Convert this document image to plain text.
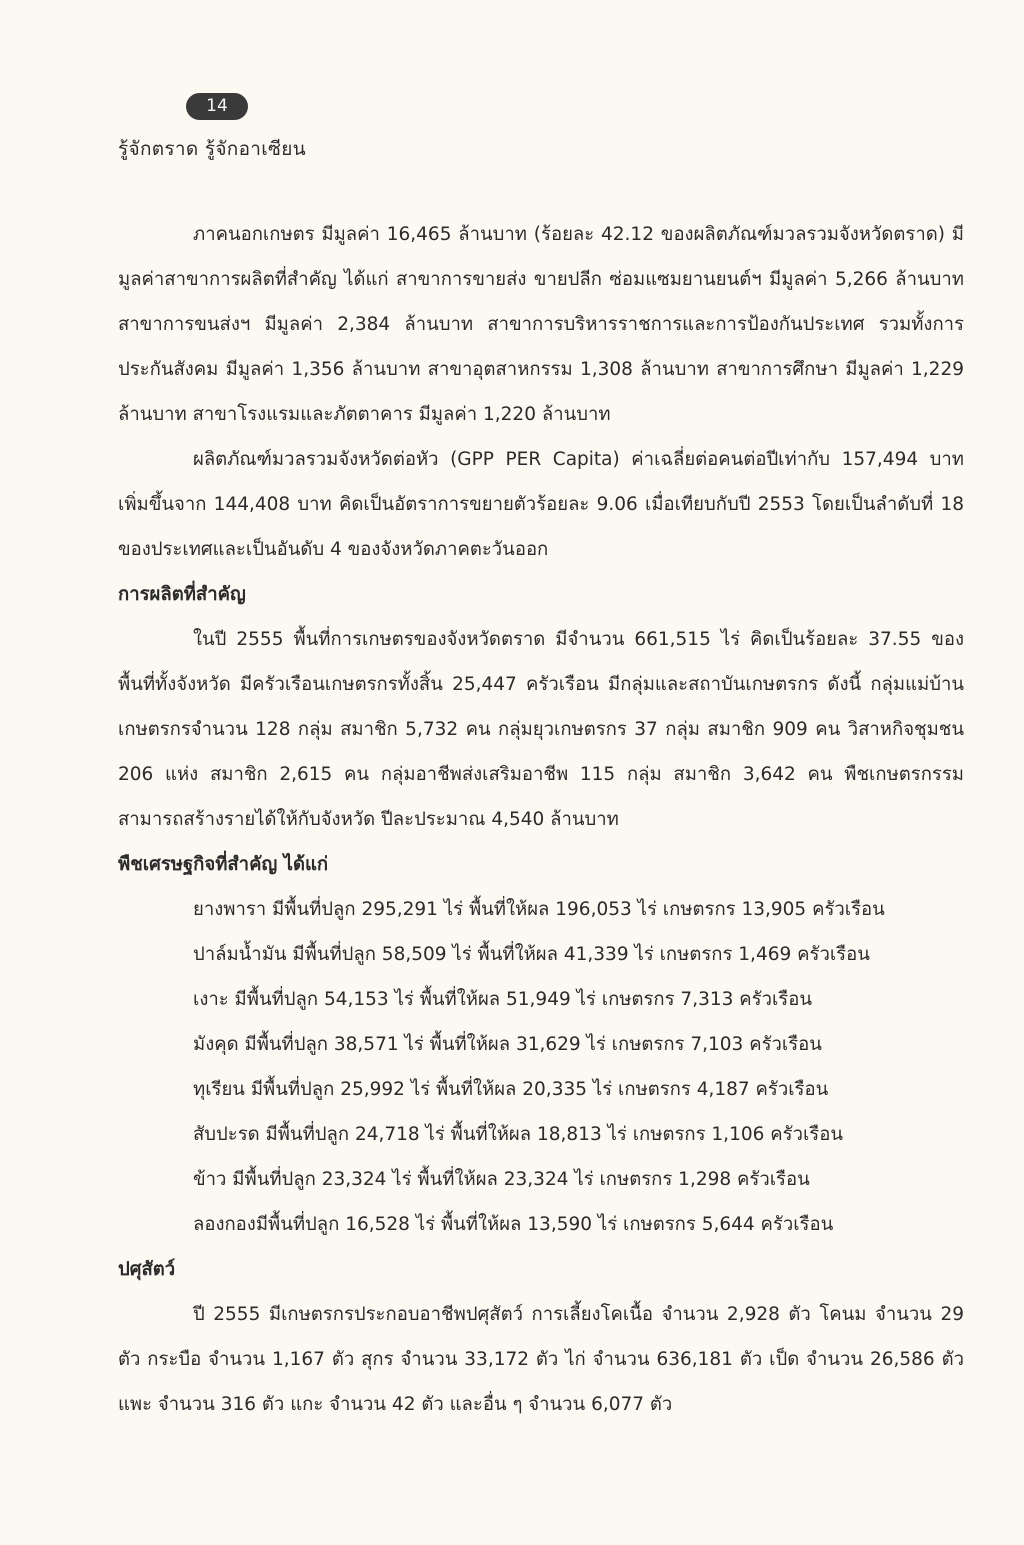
14
รู้จักตราด รู้จักอาเซียน

ภาคนอกเกษตร มีมูลค่า 16,465 ล้านบาท (ร้อยละ 42.12 ของผลิตภัณฑ์มวลรวมจังหวัดตราด) มีมูลค่าสาขาการผลิตที่สำคัญ ได้แก่ สาขาการขายส่ง ขายปลีก ซ่อมแซมยานยนต์ฯ มีมูลค่า 5,266 ล้านบาท สาขาการขนส่งฯ มีมูลค่า 2,384 ล้านบาท สาขาการบริหารราชการและการป้องกันประเทศ รวมทั้งการประกันสังคม มีมูลค่า 1,356 ล้านบาท สาขาอุตสาหกรรม 1,308 ล้านบาท สาขาการศึกษา มีมูลค่า 1,229 ล้านบาท สาขาโรงแรมและภัตตาคาร มีมูลค่า 1,220 ล้านบาท

ผลิตภัณฑ์มวลรวมจังหวัดต่อหัว (GPP PER Capita) ค่าเฉลี่ยต่อคนต่อปีเท่ากับ 157,494 บาท เพิ่มขึ้นจาก 144,408 บาท คิดเป็นอัตราการขยายตัวร้อยละ 9.06 เมื่อเทียบกับปี 2553 โดยเป็นลำดับที่ 18 ของประเทศและเป็นอันดับ 4 ของจังหวัดภาคตะวันออก

การผลิตที่สำคัญ

ในปี 2555 พื้นที่การเกษตรของจังหวัดตราด มีจำนวน 661,515 ไร่ คิดเป็นร้อยละ 37.55 ของพื้นที่ทั้งจังหวัด มีครัวเรือนเกษตรกรทั้งสิ้น 25,447 ครัวเรือน มีกลุ่มและสถาบันเกษตรกร ดังนี้ กลุ่มแม่บ้านเกษตรกรจำนวน 128 กลุ่ม สมาชิก 5,732 คน กลุ่มยุวเกษตรกร 37 กลุ่ม สมาชิก 909 คน วิสาหกิจชุมชน 206 แห่ง สมาชิก 2,615 คน กลุ่มอาชีพส่งเสริมอาชีพ 115 กลุ่ม สมาชิก 3,642 คน พืชเกษตรกรรมสามารถสร้างรายได้ให้กับจังหวัด ปีละประมาณ 4,540 ล้านบาท

พืชเศรษฐกิจที่สำคัญ ได้แก่

ยางพารา มีพื้นที่ปลูก 295,291 ไร่ พื้นที่ให้ผล 196,053 ไร่ เกษตรกร 13,905 ครัวเรือน
ปาล์มน้ำมัน มีพื้นที่ปลูก 58,509 ไร่ พื้นที่ให้ผล 41,339 ไร่ เกษตรกร 1,469 ครัวเรือน
เงาะ มีพื้นที่ปลูก 54,153 ไร่ พื้นที่ให้ผล 51,949 ไร่ เกษตรกร 7,313 ครัวเรือน
มังคุด มีพื้นที่ปลูก 38,571 ไร่ พื้นที่ให้ผล 31,629 ไร่ เกษตรกร 7,103 ครัวเรือน
ทุเรียน มีพื้นที่ปลูก 25,992 ไร่ พื้นที่ให้ผล 20,335 ไร่ เกษตรกร 4,187 ครัวเรือน
สับปะรด มีพื้นที่ปลูก 24,718 ไร่ พื้นที่ให้ผล 18,813 ไร่ เกษตรกร 1,106 ครัวเรือน
ข้าว มีพื้นที่ปลูก 23,324 ไร่ พื้นที่ให้ผล 23,324 ไร่ เกษตรกร 1,298 ครัวเรือน
ลองกองมีพื้นที่ปลูก 16,528 ไร่ พื้นที่ให้ผล 13,590 ไร่ เกษตรกร 5,644 ครัวเรือน

ปศุสัตว์

ปี 2555 มีเกษตรกรประกอบอาชีพปศุสัตว์ การเลี้ยงโคเนื้อ จำนวน 2,928 ตัว โคนม จำนวน 29 ตัว กระบือ จำนวน 1,167 ตัว สุกร จำนวน 33,172 ตัว ไก่ จำนวน 636,181 ตัว เป็ด จำนวน 26,586 ตัว แพะ จำนวน 316 ตัว แกะ จำนวน 42 ตัว และอื่น ๆ จำนวน 6,077 ตัว
